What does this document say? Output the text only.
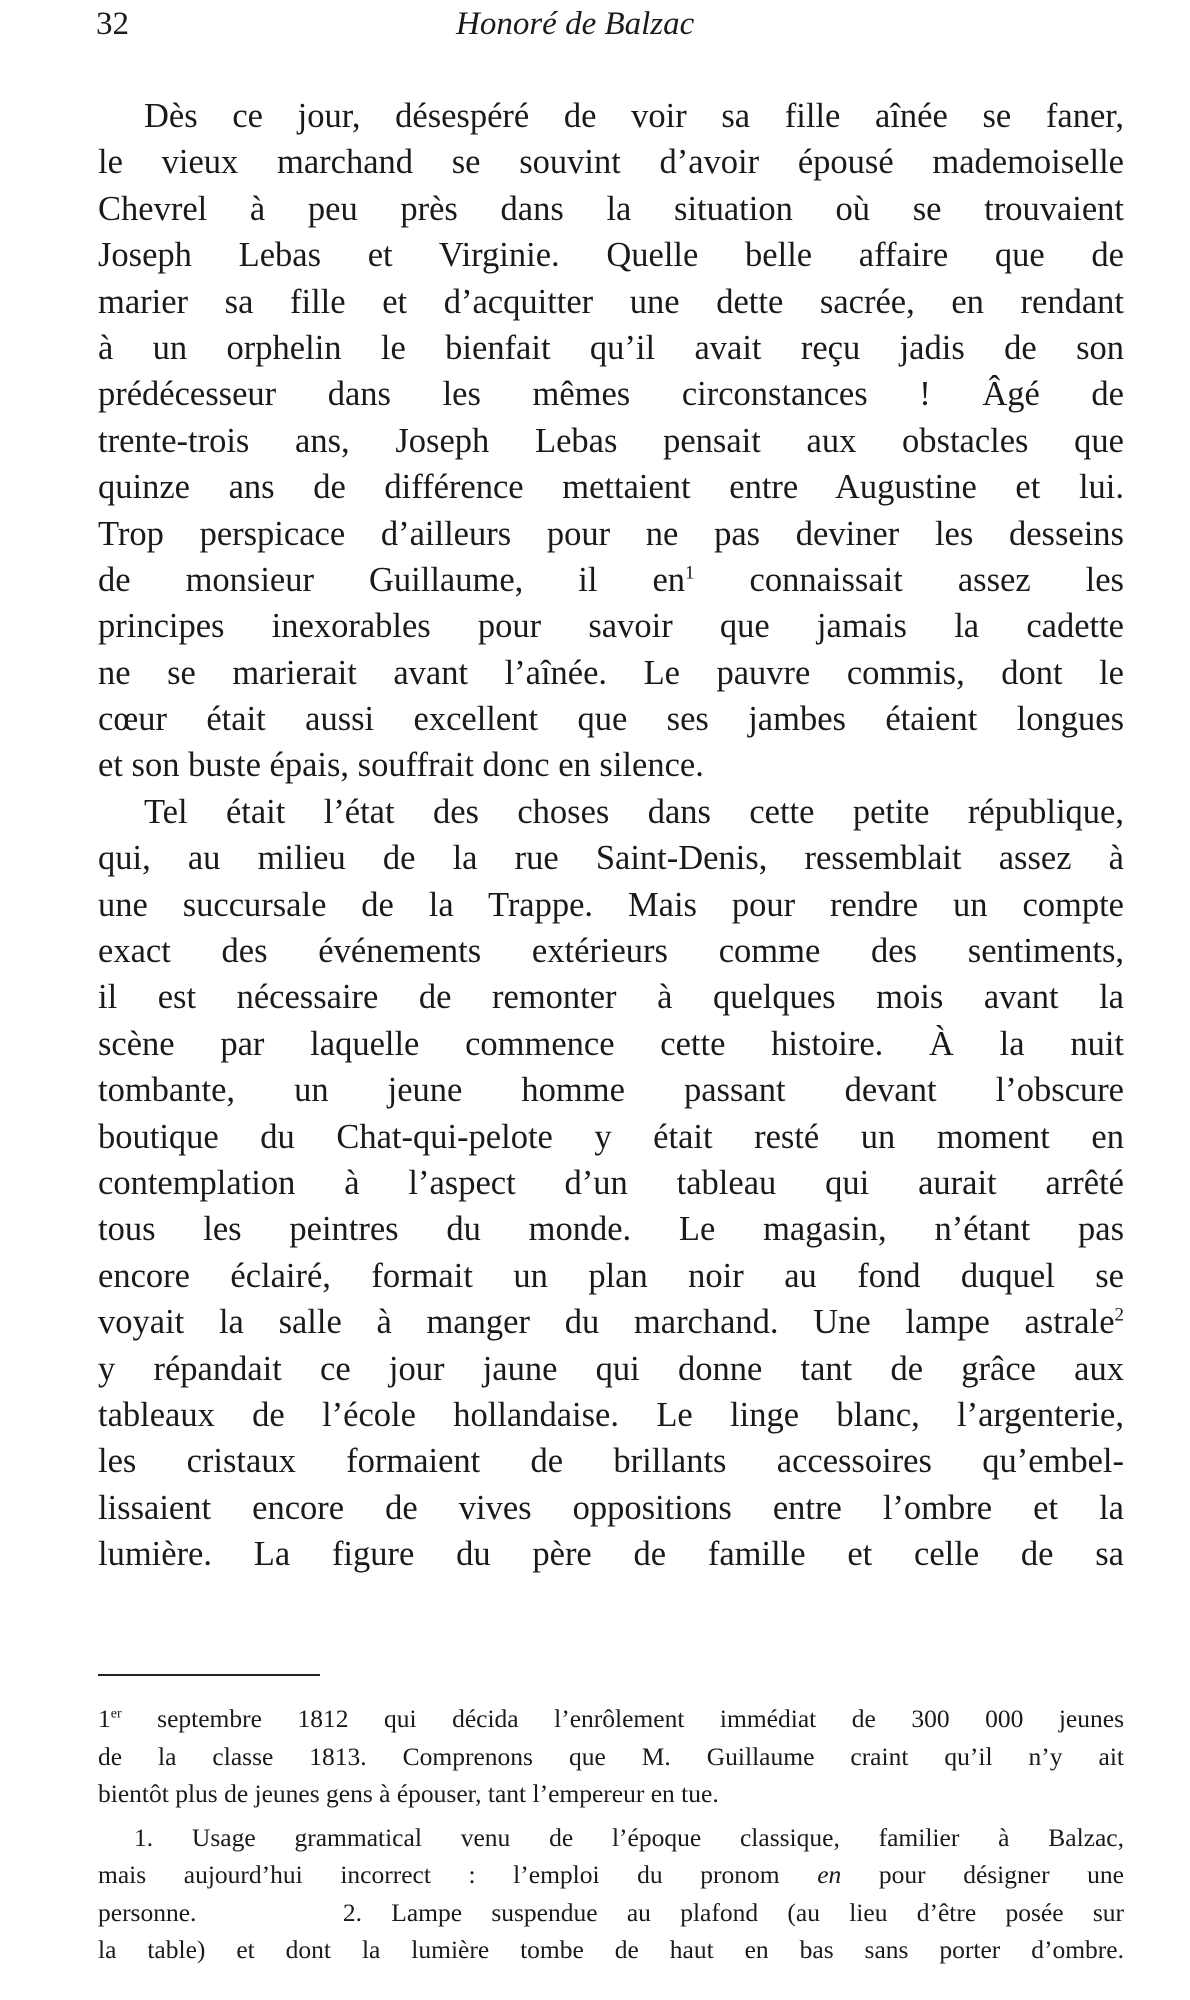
32	Honoré de Balzac
Dès ce jour, désespéré de voir sa fille aînée se faner,
le vieux marchand se souvint d’avoir épousé mademoiselle
Chevrel à peu près dans la situation où se trouvaient
Joseph Lebas et Virginie. Quelle belle affaire que de
marier sa fille et d’acquitter une dette sacrée, en rendant
à un orphelin le bienfait qu’il avait reçu jadis de son
prédécesseur dans les mêmes circonstances ! Âgé de
trente-trois ans, Joseph Lebas pensait aux obstacles que
quinze ans de différence mettaient entre Augustine et lui.
Trop perspicace d’ailleurs pour ne pas deviner les desseins
de monsieur Guillaume, il $en^1$ connaissait assez les
principes inexorables pour savoir que jamais la cadette
ne se marierait avant l’aînée. Le pauvre commis, dont le
cœur était aussi excellent que ses jambes étaient longues
et son buste épais, souffrait donc en silence.
Tel était l’état des choses dans cette petite république,
qui, au milieu de la rue Saint-Denis, ressemblait assez à
une succursale de la Trappe. Mais pour rendre un compte
exact des événements extérieurs comme des sentiments,
il est nécessaire de remonter à quelques mois avant la
scène par laquelle commence cette histoire. À la nuit
tombante, un jeune homme passant devant l’obscure
boutique du Chat-qui-pelote y était resté un moment en
contemplation à l’aspect d’un tableau qui aurait arrêté
tous les peintres du monde. Le magasin, n’étant pas
encore éclairé, formait un plan noir au fond duquel se
voyait la salle à manger du marchand. Une lampe astrale$^2$
y répandait ce jour jaune qui donne tant de grâce aux
tableaux de l’école hollandaise. Le linge blanc, l’argenterie,
les cristaux formaient de brillants accessoires qu’embel-
lissaient encore de vives oppositions entre l’ombre et la
lumière. La figure du père de famille et celle de sa
1er septembre 1812 qui décida l’enrôlement immédiat de 300 000 jeunes
de la classe 1813. Comprenons que M. Guillaume craint qu’il n’y ait
bientôt plus de jeunes gens à épouser, tant l’empereur en tue.
1. Usage grammatical venu de l’époque classique, familier à Balzac,
mais aujourd’hui incorrect : l’emploi du pronom en pour désigner une
personne.     2. Lampe suspendue au plafond (au lieu d’être posée sur
la table) et dont la lumière tombe de haut en bas sans porter d’ombre.
